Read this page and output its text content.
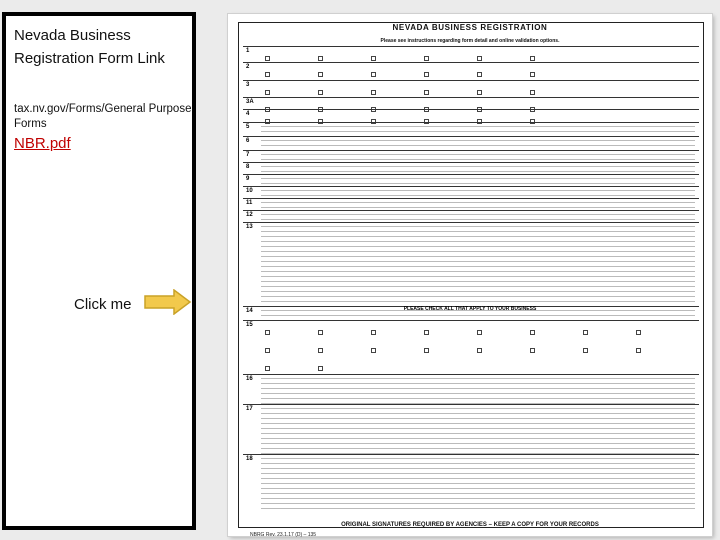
Nevada Business Registration Form Link
tax.nv.gov/Forms/General Purpose Forms
NBR.pdf
Click me
NEVADA BUSINESS REGISTRATION
Please see instructions regarding form detail and online validation options.
1
2
3
3A
4
5
6
7
8
9
10
11
12
13
14
15
16
17
18
PLEASE CHECK ALL THAT APPLY TO YOUR BUSINESS
ORIGINAL SIGNATURES REQUIRED BY AGENCIES – KEEP A COPY FOR YOUR RECORDS
NBRG Rev. 23.1.17 (D) – 135
